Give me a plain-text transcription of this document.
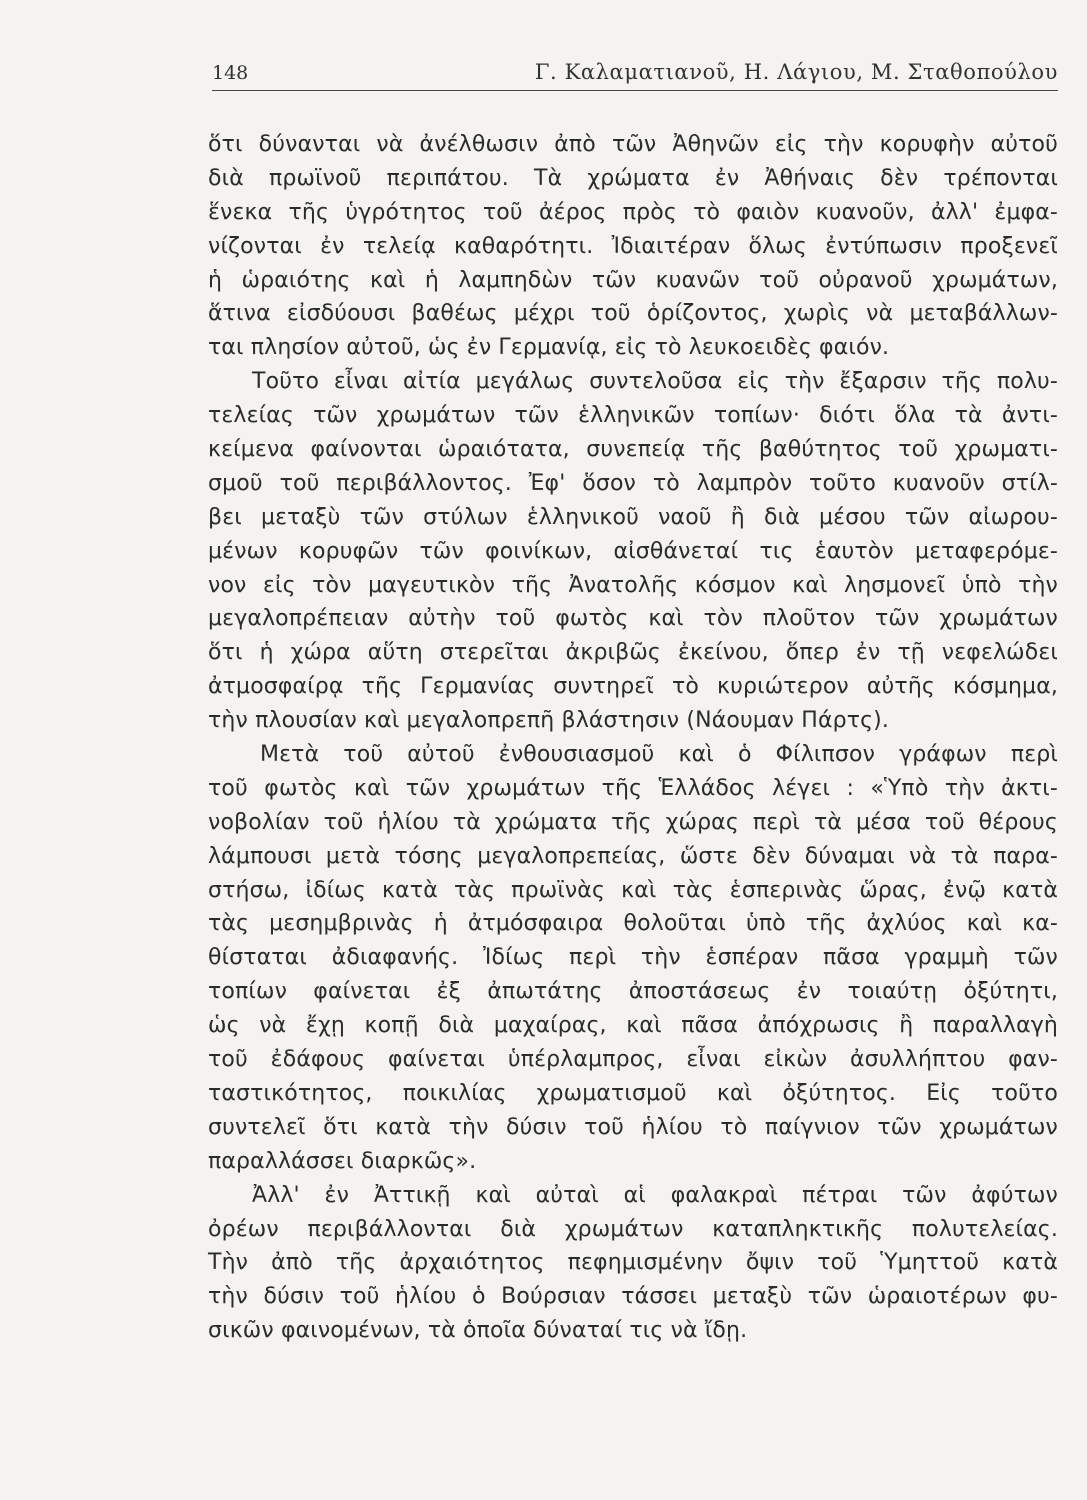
148	Γ. Καλαματιανοῦ, Η. Λάγιου, Μ. Σταθοπούλου
ὅτι δύνανται νὰ ἀνέλθωσιν ἀπὸ τῶν Ἀθηνῶν εἰς τὴν κορυφὴν αὐτοῦ
διὰ πρωϊνοῦ περιπάτου. Τὰ χρώματα ἐν Ἀθήναις δὲν τρέπονται
ἕνεκα τῆς ὑγρότητος τοῦ ἀέρος πρὸς τὸ φαιὸν κυανοῦν, ἀλλ' ἐμφα-
νίζονται ἐν τελείᾳ καθαρότητι. Ἰδιαιτέραν ὅλως ἐντύπωσιν προξενεῖ
ἡ ὡραιότης καὶ ἡ λαμπηδὼν τῶν κυανῶν τοῦ οὐρανοῦ χρωμάτων,
ἅτινα εἰσδύουσι βαθέως μέχρι τοῦ ὁρίζοντος, χωρὶς νὰ μεταβάλλων-
ται πλησίον αὐτοῦ, ὡς ἐν Γερμανίᾳ, εἰς τὸ λευκοειδὲς φαιόν.
Τοῦτο εἶναι αἰτία μεγάλως συντελοῦσα εἰς τὴν ἔξαρσιν τῆς πολυ-
τελείας τῶν χρωμάτων τῶν ἑλληνικῶν τοπίων· διότι ὅλα τὰ ἀντι-
κείμενα φαίνονται ὡραιότατα, συνεπείᾳ τῆς βαθύτητος τοῦ χρωματι-
σμοῦ τοῦ περιβάλλοντος. Ἐφ' ὅσον τὸ λαμπρὸν τοῦτο κυανοῦν στίλ-
βει μεταξὺ τῶν στύλων ἑλληνικοῦ ναοῦ ἢ διὰ μέσου τῶν αἰωρου-
μένων κορυφῶν τῶν φοινίκων, αἰσθάνεταί τις ἑαυτὸν μεταφερόμε-
νον εἰς τὸν μαγευτικὸν τῆς Ἀνατολῆς κόσμον καὶ λησμονεῖ ὑπὸ τὴν
μεγαλοπρέπειαν αὐτὴν τοῦ φωτὸς καὶ τὸν πλοῦτον τῶν χρωμάτων
ὅτι ἡ χώρα αὕτη στερεῖται ἀκριβῶς ἐκείνου, ὅπερ ἐν τῇ νεφελώδει
ἀτμοσφαίρᾳ τῆς Γερμανίας συντηρεῖ τὸ κυριώτερον αὐτῆς κόσμημα,
τὴν πλουσίαν καὶ μεγαλοπρεπῆ βλάστησιν (Νάουμαν Πάρτς).
Μετὰ τοῦ αὐτοῦ ἐνθουσιασμοῦ καὶ ὁ Φίλιπσον γράφων περὶ
τοῦ φωτὸς καὶ τῶν χρωμάτων τῆς Ἑλλάδος λέγει : «Ὑπὸ τὴν ἀκτι-
νοβολίαν τοῦ ἡλίου τὰ χρώματα τῆς χώρας περὶ τὰ μέσα τοῦ θέρους
λάμπουσι μετὰ τόσης μεγαλοπρεπείας, ὥστε δὲν δύναμαι νὰ τὰ παρα-
στήσω, ἰδίως κατὰ τὰς πρωϊνὰς καὶ τὰς ἑσπερινὰς ὥρας, ἐνῷ κατὰ
τὰς μεσημβρινὰς ἡ ἀτμόσφαιρα θολοῦται ὑπὸ τῆς ἀχλύος καὶ κα-
θίσταται ἀδιαφανής. Ἰδίως περὶ τὴν ἑσπέραν πᾶσα γραμμὴ τῶν
τοπίων φαίνεται ἐξ ἀπωτάτης ἀποστάσεως ἐν τοιαύτῃ ὀξύτητι,
ὡς νὰ ἔχῃ κοπῇ διὰ μαχαίρας, καὶ πᾶσα ἀπόχρωσις ἢ παραλλαγὴ
τοῦ ἐδάφους φαίνεται ὑπέρλαμπρος, εἶναι εἰκὼν ἀσυλλήπτου φαν-
ταστικότητος, ποικιλίας χρωματισμοῦ καὶ ὀξύτητος. Εἰς τοῦτο
συντελεῖ ὅτι κατὰ τὴν δύσιν τοῦ ἡλίου τὸ παίγνιον τῶν χρωμάτων
παραλλάσσει διαρκῶς».
Ἀλλ' ἐν Ἀττικῇ καὶ αὐταὶ αἱ φαλακραὶ πέτραι τῶν ἀφύτων
ὀρέων περιβάλλονται διὰ χρωμάτων καταπληκτικῆς πολυτελείας.
Τὴν ἀπὸ τῆς ἀρχαιότητος πεφημισμένην ὄψιν τοῦ Ὑμηττοῦ κατὰ
τὴν δύσιν τοῦ ἡλίου ὁ Βούρσιαν τάσσει μεταξὺ τῶν ὡραιοτέρων φυ-
σικῶν φαινομένων, τὰ ὁποῖα δύναταί τις νὰ ἴδῃ.
